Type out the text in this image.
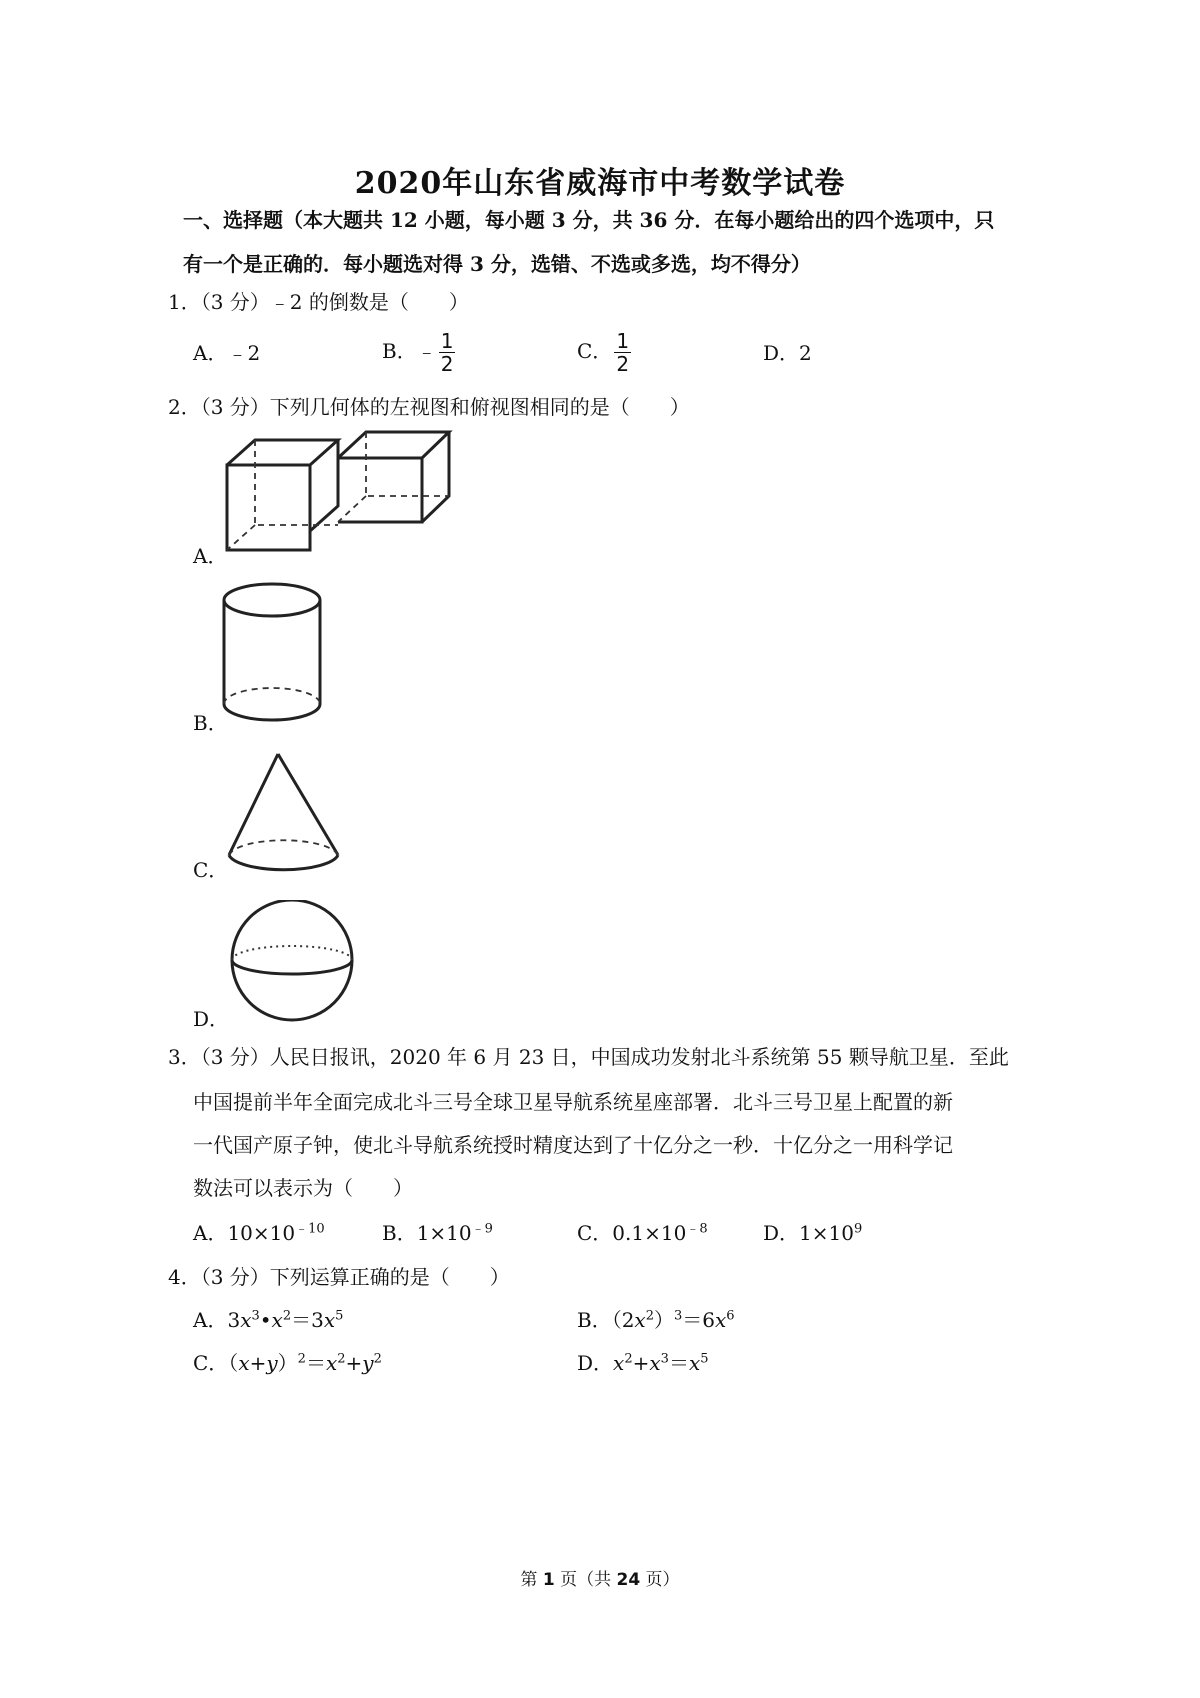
2020年山东省威海市中考数学试卷
一、选择题（本大题共 12 小题，每小题 3 分，共 36 分．在每小题给出的四个选项中，只
有一个是正确的．每小题选对得 3 分，选错、不选或多选，均不得分）
1．（3 分）﹣2 的倒数是（　　）
A．﹣2	B．﹣ $\frac{1}{2}$	C． $\frac{1}{2}$	D．2
2．（3 分）下列几何体的左视图和俯视图相同的是（　　）
A．
B．
C．
D．
3．（3 分）人民日报讯，2020 年 6 月 23 日，中国成功发射北斗系统第 55 颗导航卫星．至此
中国提前半年全面完成北斗三号全球卫星导航系统星座部署．北斗三号卫星上配置的新
一代国产原子钟，使北斗导航系统授时精度达到了十亿分之一秒．十亿分之一用科学记
数法可以表示为（　　）
A．$10\times 10^{﹣10}$	B．$1\times 10^{﹣9}$	C．$0.1\times 10^{﹣8}$	D．$1\times 10^9$
4．（3 分）下列运算正确的是（　　）
A．$3x^3•x^2=3x^5$	B．$(2x^2)^3=6x^6$
C．$(x+y)^2=x^2+y^2$	D．$x^2+x^3=x^5$
第 1 页（共 24 页）
